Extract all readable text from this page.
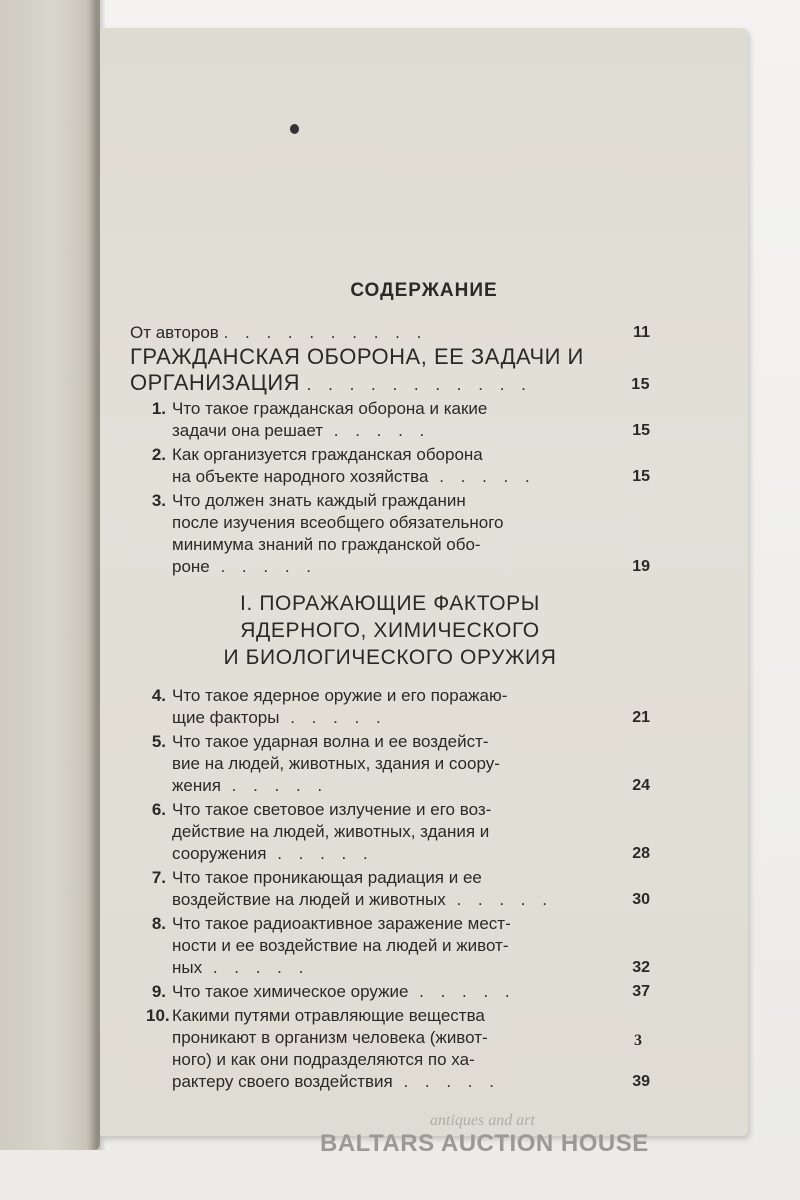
СОДЕРЖАНИЕ
От авторов . . . . . . . . . .	11
ГРАЖДАНСКАЯ ОБОРОНА, ЕЕ ЗАДАЧИ И
ОРГАНИЗАЦИЯ . . . . . . . . . . .	15
1. Что такое гражданская оборона и какие
задачи она решает . . . . .	15
2. Как организуется гражданская оборона
на объекте народного хозяйства . . . . .	15
3. Что должен знать каждый гражданин
после изучения всеобщего обязательного
минимума знаний по гражданской обо-
роне . . . . .	19
I. ПОРАЖАЮЩИЕ ФАКТОРЫ
ЯДЕРНОГО, ХИМИЧЕСКОГО
И БИОЛОГИЧЕСКОГО ОРУЖИЯ
4. Что такое ядерное оружие и его поражаю-
щие факторы . . . . .	21
5. Что такое ударная волна и ее воздейст-
вие на людей, животных, здания и соору-
жения . . . . .	24
6. Что такое световое излучение и его воз-
действие на людей, животных, здания и
сооружения . . . . .	28
7. Что такое проникающая радиация и ее
воздействие на людей и животных . . . . .	30
8. Что такое радиоактивное заражение мест-
ности и ее воздействие на людей и живот-
ных . . . . .	32
9. Что такое химическое оружие . . . . .	37
10. Какими путями отравляющие вещества
проникают в организм человека (живот-
ного) и как они подразделяются по ха-
рактеру своего воздействия . . . . .	39
3
antiques and art
BALTARS AUCTION HOUSE
